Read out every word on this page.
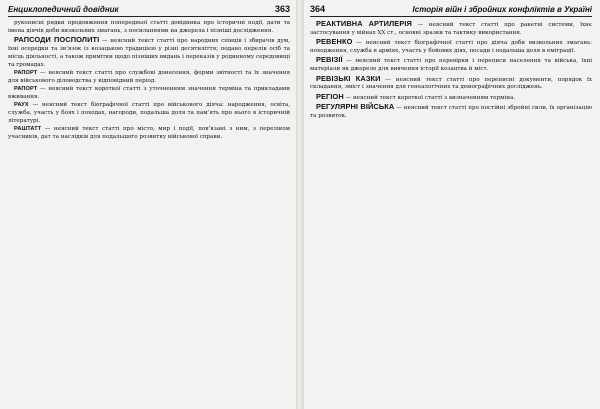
Енциклопедичний довідник	363

рукописні рядки продовження попередньої статті довідника про історичні події, дати та імена діячів доби визвольних змагань, з посиланнями на джерела і пізніші дослідження.

РАПСОДИ ПОСПОЛИТІ — неясний текст статті про народних співців і збирачів дум, їхні осередки та зв’язок із козацькою традицією у різні десятиліття; подано перелік осіб та місць діяльності, а також примітки щодо пізніших видань і переказів у родинному середовищі та громадах.

РАПОРТ — неясний текст статті про службові донесення, форми звітності та їх значення для військового діловодства у відповідний період.

РАПОРТ — неясний текст короткої статті з уточненням значення терміна та прикладами вживання.

РАУХ — неясний текст біографічної статті про військового діяча: народження, освіта, служба, участь у боях і походах, нагороди, подальша доля та пам’ять про нього в історичній літературі.

РАШТАТТ — неясний текст статті про місто, мир і події, пов’язані з ним, з переліком учасників, дат та наслідків для подальшого розвитку військової справи.

364	Історія війн і збройних конфліктів в Україні

РЕАКТИВНА АРТИЛЕРІЯ — неясний текст статті про ракетні системи, їхнє застосування у війнах ХХ ст., основні зразки та тактику використання.

РЕВЕНКО — неясний текст біографічної статті про діяча доби визвольних змагань: походження, служба в арміях, участь у бойових діях, посади і подальша доля в еміграції.

РЕВІЗІЇ — неясний текст статті про перевірки і переписи населення та війська, їхні матеріали як джерело для вивчення історії козацтва й міст.

РЕВІЗЬКІ КАЗКИ — неясний текст статті про переписні документи, порядок їх складання, зміст і значення для генеалогічних та демографічних досліджень.

РЕГІОН — неясний текст короткої статті з визначенням терміна.

РЕГУЛЯРНІ ВІЙСЬКА — неясний текст статті про постійні збройні сили, їх організацію та розвиток.
